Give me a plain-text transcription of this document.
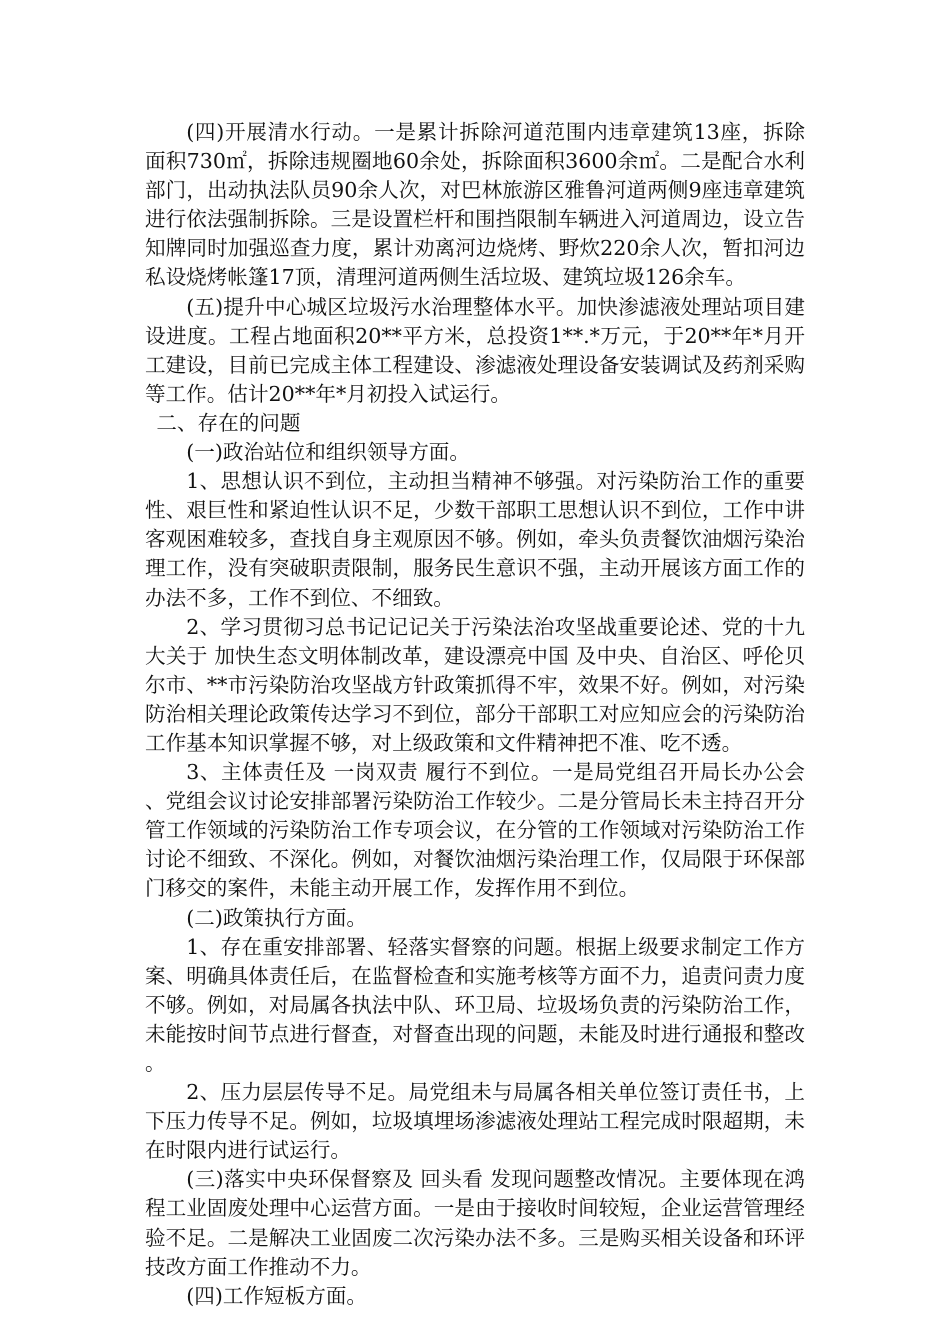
(四)开展清水行动。一是累计拆除河道范围内违章建筑13座，拆除面积730㎡，拆除违规圈地60余处，拆除面积3600余㎡。二是配合水利部门，出动执法队员90余人次，对巴林旅游区雅鲁河道两侧9座违章建筑进行依法强制拆除。三是设置栏杆和围挡限制车辆进入河道周边，设立告知牌同时加强巡查力度，累计劝离河边烧烤、野炊220余人次，暂扣河边私设烧烤帐篷17顶，清理河道两侧生活垃圾、建筑垃圾126余车。

(五)提升中心城区垃圾污水治理整体水平。加快渗滤液处理站项目建设进度。工程占地面积20**平方米，总投资1**.*万元，于20**年*月开工建设，目前已完成主体工程建设、渗滤液处理设备安装调试及药剂采购等工作。估计20**年*月初投入试运行。

二、存在的问题

(一)政治站位和组织领导方面。

1、思想认识不到位，主动担当精神不够强。对污染防治工作的重要性、艰巨性和紧迫性认识不足，少数干部职工思想认识不到位，工作中讲客观困难较多，查找自身主观原因不够。例如，牵头负责餐饮油烟污染治理工作，没有突破职责限制，服务民生意识不强，主动开展该方面工作的办法不多，工作不到位、不细致。

2、学习贯彻习总书记记记关于污染法治攻坚战重要论述、党的十九大关于 加快生态文明体制改革，建设漂亮中国 及中央、自治区、呼伦贝尔市、**市污染防治攻坚战方针政策抓得不牢，效果不好。例如，对污染防治相关理论政策传达学习不到位，部分干部职工对应知应会的污染防治工作基本知识掌握不够，对上级政策和文件精神把不准、吃不透。

3、主体责任及 一岗双责 履行不到位。一是局党组召开局长办公会、党组会议讨论安排部署污染防治工作较少。二是分管局长未主持召开分管工作领域的污染防治工作专项会议，在分管的工作领域对污染防治工作讨论不细致、不深化。例如，对餐饮油烟污染治理工作，仅局限于环保部门移交的案件，未能主动开展工作，发挥作用不到位。

(二)政策执行方面。

1、存在重安排部署、轻落实督察的问题。根据上级要求制定工作方案、明确具体责任后，在监督检查和实施考核等方面不力，追责问责力度不够。例如，对局属各执法中队、环卫局、垃圾场负责的污染防治工作，未能按时间节点进行督查，对督查出现的问题，未能及时进行通报和整改。

2、压力层层传导不足。局党组未与局属各相关单位签订责任书，上下压力传导不足。例如，垃圾填埋场渗滤液处理站工程完成时限超期，未在时限内进行试运行。

(三)落实中央环保督察及 回头看 发现问题整改情况。主要体现在鸿程工业固废处理中心运营方面。一是由于接收时间较短，企业运营管理经验不足。二是解决工业固废二次污染办法不多。三是购买相关设备和环评技改方面工作推动不力。

(四)工作短板方面。
